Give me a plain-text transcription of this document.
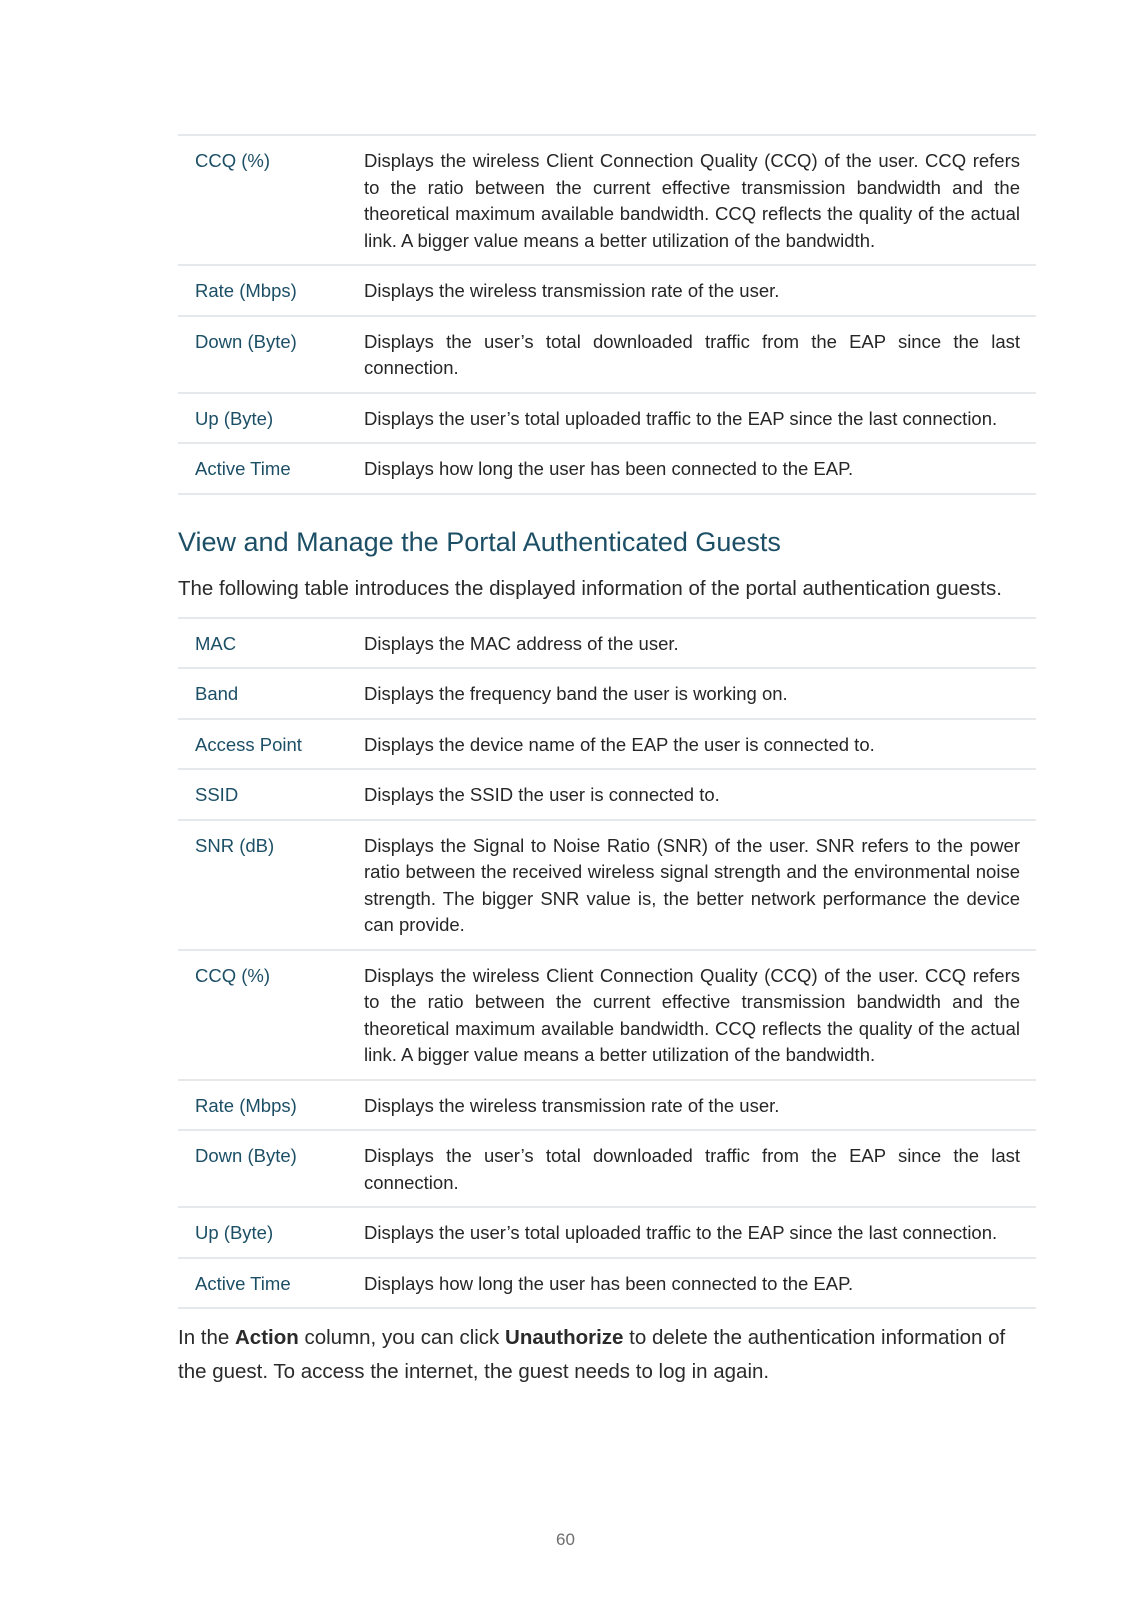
CCQ (%)	Displays the wireless Client Connection Quality (CCQ) of the user. CCQ refers to the ratio between the current effective transmission bandwidth and the theoretical maximum available bandwidth. CCQ reflects the quality of the actual link. A bigger value means a better utilization of the bandwidth.
Rate (Mbps)	Displays the wireless transmission rate of the user.
Down (Byte)	Displays the user’s total downloaded traffic from the EAP since the last connection.
Up (Byte)	Displays the user’s total uploaded traffic to the EAP since the last connection.
Active Time	Displays how long the user has been connected to the EAP.
View and Manage the Portal Authenticated Guests

The following table introduces the displayed information of the portal authentication guests.

MAC	Displays the MAC address of the user.
Band	Displays the frequency band the user is working on.
Access Point	Displays the device name of the EAP the user is connected to.
SSID	Displays the SSID the user is connected to.
SNR (dB)	Displays the Signal to Noise Ratio (SNR) of the user. SNR refers to the power ratio between the received wireless signal strength and the environmental noise strength. The bigger SNR value is, the better network performance the device can provide.
CCQ (%)	Displays the wireless Client Connection Quality (CCQ) of the user. CCQ refers to the ratio between the current effective transmission bandwidth and the theoretical maximum available bandwidth. CCQ reflects the quality of the actual link. A bigger value means a better utilization of the bandwidth.
Rate (Mbps)	Displays the wireless transmission rate of the user.
Down (Byte)	Displays the user’s total downloaded traffic from the EAP since the last connection.
Up (Byte)	Displays the user’s total uploaded traffic to the EAP since the last connection.
Active Time	Displays how long the user has been connected to the EAP.

In the Action column, you can click Unauthorize to delete the authentication information of the guest. To access the internet, the guest needs to log in again.

60
